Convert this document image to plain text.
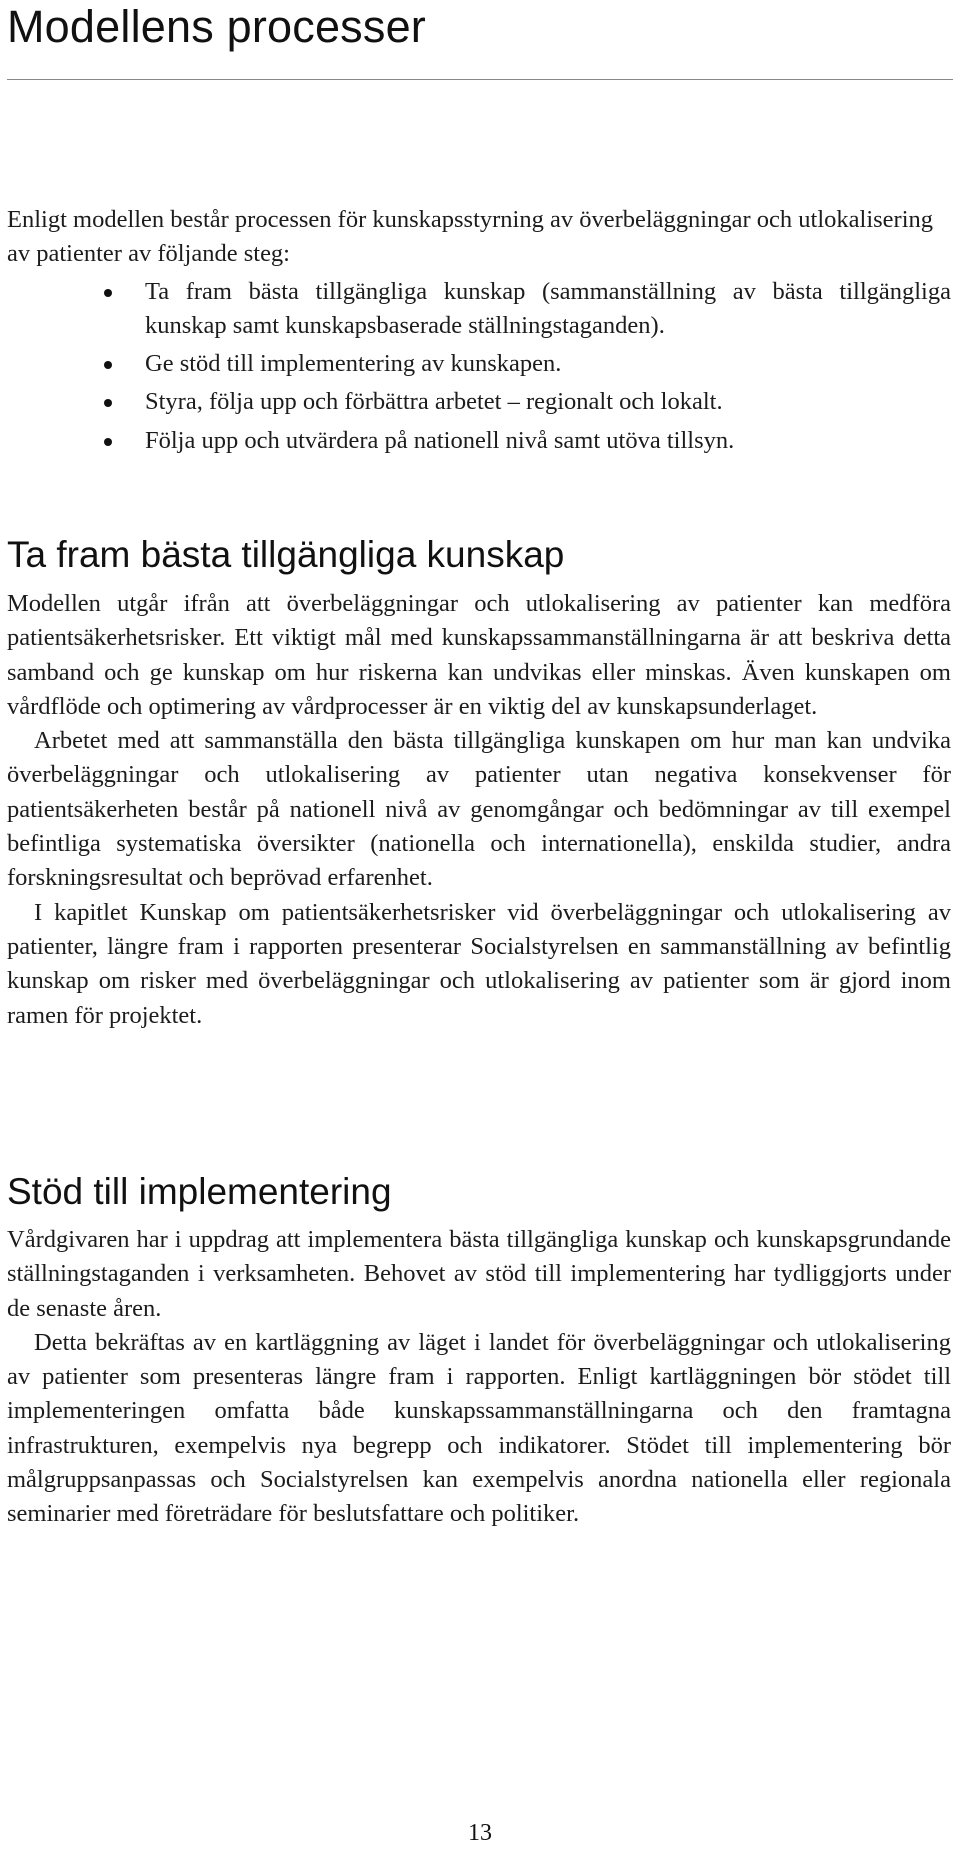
Modellens processer

Enligt modellen består processen för kunskapsstyrning av överbeläggningar och utlokalisering av patienter av följande steg:

Ta fram bästa tillgängliga kunskap (sammanställning av bästa tillgängliga kunskap samt kunskapsbaserade ställningstaganden).
Ge stöd till implementering av kunskapen.
Styra, följa upp och förbättra arbetet – regionalt och lokalt.
Följa upp och utvärdera på nationell nivå samt utöva tillsyn.
Ta fram bästa tillgängliga kunskap

Modellen utgår ifrån att överbeläggningar och utlokalisering av patienter kan medföra patientsäkerhetsrisker. Ett viktigt mål med kunskapssammanställningarna är att beskriva detta samband och ge kunskap om hur riskerna kan undvikas eller minskas. Även kunskapen om vårdflöde och optimering av vårdprocesser är en viktig del av kunskapsunderlaget.

Arbetet med att sammanställa den bästa tillgängliga kunskapen om hur man kan undvika överbeläggningar och utlokalisering av patienter utan negativa konsekvenser för patientsäkerheten består på nationell nivå av genomgångar och bedömningar av till exempel befintliga systematiska översikter (nationella och internationella), enskilda studier, andra forskningsresultat och beprövad erfarenhet.

I kapitlet Kunskap om patientsäkerhetsrisker vid överbeläggningar och utlokalisering av patienter, längre fram i rapporten presenterar Socialstyrelsen en sammanställning av befintlig kunskap om risker med överbeläggningar och utlokalisering av patienter som är gjord inom ramen för projektet.

Stöd till implementering

Vårdgivaren har i uppdrag att implementera bästa tillgängliga kunskap och kunskapsgrundande ställningstaganden i verksamheten. Behovet av stöd till implementering har tydliggjorts under de senaste åren.

Detta bekräftas av en kartläggning av läget i landet för överbeläggningar och utlokalisering av patienter som presenteras längre fram i rapporten. Enligt kartläggningen bör stödet till implementeringen omfatta både kunskapssammanställningarna och den framtagna infrastrukturen, exempelvis nya begrepp och indikatorer. Stödet till implementering bör målgruppsanpassas och Socialstyrelsen kan exempelvis anordna nationella eller regionala seminarier med företrädare för beslutsfattare och politiker.

13
